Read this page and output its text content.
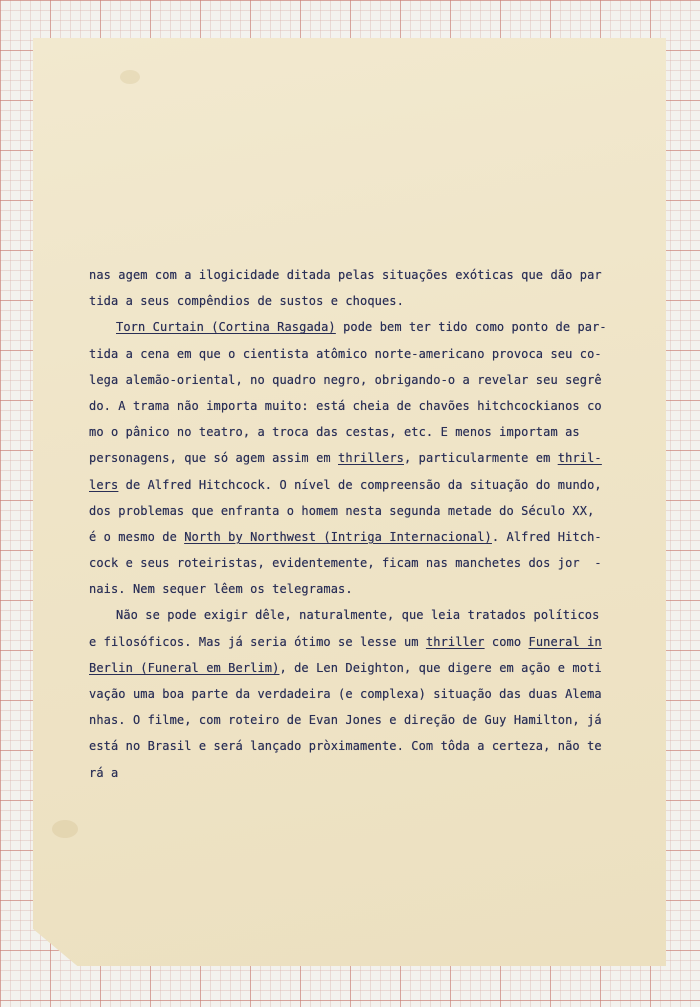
nas agem com a ilogicidade ditada pelas situações exóticas que dão par
tida a seus compêndios de sustos e choques.
Torn Curtain (Cortina Rasgada) pode bem ter tido como ponto de par-
tida a cena em que o cientista atômico norte-americano provoca seu co-
lega alemão-oriental, no quadro negro, obrigando-o a revelar seu segrê
do. A trama não importa muito: está cheia de chavões hitchcockianos co
mo o pânico no teatro, a troca das cestas, etc. E menos importam as
personagens, que só agem assim em thrillers, particularmente em thril-
lers de Alfred Hitchcock. O nível de compreensão da situação do mundo,
dos problemas que enfranta o homem nesta segunda metade do Século XX,
é o mesmo de North by Northwest (Intriga Internacional). Alfred Hitch-
cock e seus roteiristas, evidentemente, ficam nas manchetes dos jor  -
nais. Nem sequer lêem os telegramas.
Não se pode exigir dêle, naturalmente, que leia tratados políticos
e filosóficos. Mas já seria ótimo se lesse um thriller como Funeral in
Berlin (Funeral em Berlim), de Len Deighton, que digere em ação e moti
vação uma boa parte da verdadeira (e complexa) situação das duas Alema
nhas. O filme, com roteiro de Evan Jones e direção de Guy Hamilton, já
está no Brasil e será lançado pròximamente. Com tôda a certeza, não te
rá a
